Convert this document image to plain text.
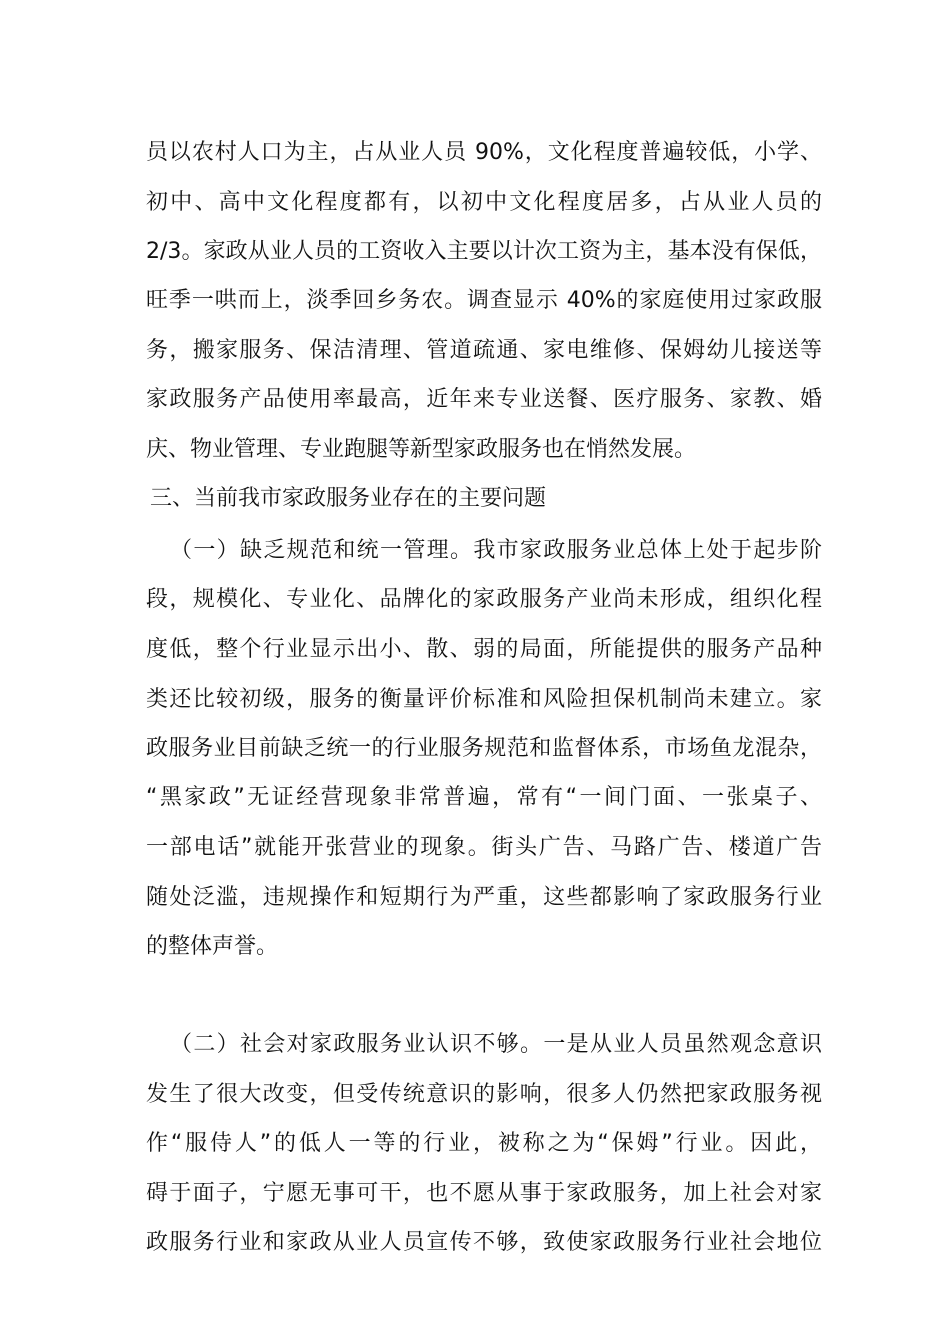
员以农村人口为主，占从业人员 90%，文化程度普遍较低，小学、
初中、高中文化程度都有，以初中文化程度居多，占从业人员的
2/3。家政从业人员的工资收入主要以计次工资为主，基本没有保低，
旺季一哄而上，淡季回乡务农。调查显示 40%的家庭使用过家政服
务，搬家服务、保洁清理、管道疏通、家电维修、保姆幼儿接送等
家政服务产品使用率最高，近年来专业送餐、医疗服务、家教、婚
庆、物业管理、专业跑腿等新型家政服务也在悄然发展。
三、当前我市家政服务业存在的主要问题
（一）缺乏规范和统一管理。我市家政服务业总体上处于起步阶
段，规模化、专业化、品牌化的家政服务产业尚未形成，组织化程
度低，整个行业显示出小、散、弱的局面，所能提供的服务产品种
类还比较初级，服务的衡量评价标准和风险担保机制尚未建立。家
政服务业目前缺乏统一的行业服务规范和监督体系，市场鱼龙混杂，
“黑家政”无证经营现象非常普遍，常有“一间门面、一张桌子、
一部电话”就能开张营业的现象。街头广告、马路广告、楼道广告
随处泛滥，违规操作和短期行为严重，这些都影响了家政服务行业
的整体声誉。
（二）社会对家政服务业认识不够。一是从业人员虽然观念意识
发生了很大改变，但受传统意识的影响，很多人仍然把家政服务视
作“服侍人”的低人一等的行业，被称之为“保姆”行业。因此，
碍于面子，宁愿无事可干，也不愿从事于家政服务，加上社会对家
政服务行业和家政从业人员宣传不够，致使家政服务行业社会地位
